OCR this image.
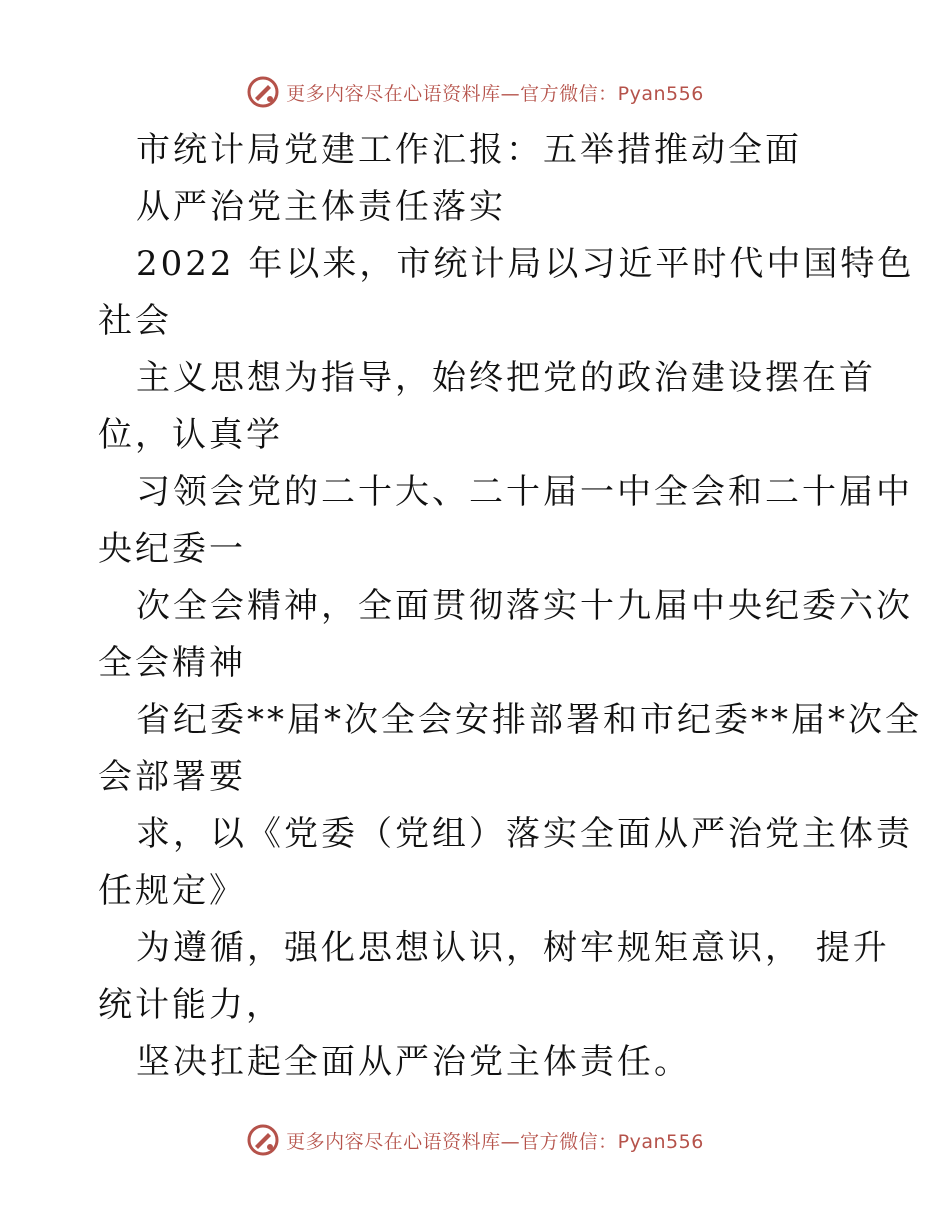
更多内容尽在心语资料库—官方微信：Pyan556
市统计局党建工作汇报：五举措推动全面
从严治党主体责任落实
2022 年以来，市统计局以习近平时代中国特色
社会
主义思想为指导，始终把党的政治建设摆在首
位，认真学
习领会党的二十大、二十届一中全会和二十届中
央纪委一
次全会精神，全面贯彻落实十九届中央纪委六次
全会精神
省纪委**届*次全会安排部署和市纪委**届*次全
会部署要
求，以《党委（党组）落实全面从严治党主体责
任规定》
为遵循，强化思想认识，树牢规矩意识， 提升
统计能力，
坚决扛起全面从严治党主体责任。
更多内容尽在心语资料库—官方微信：Pyan556
